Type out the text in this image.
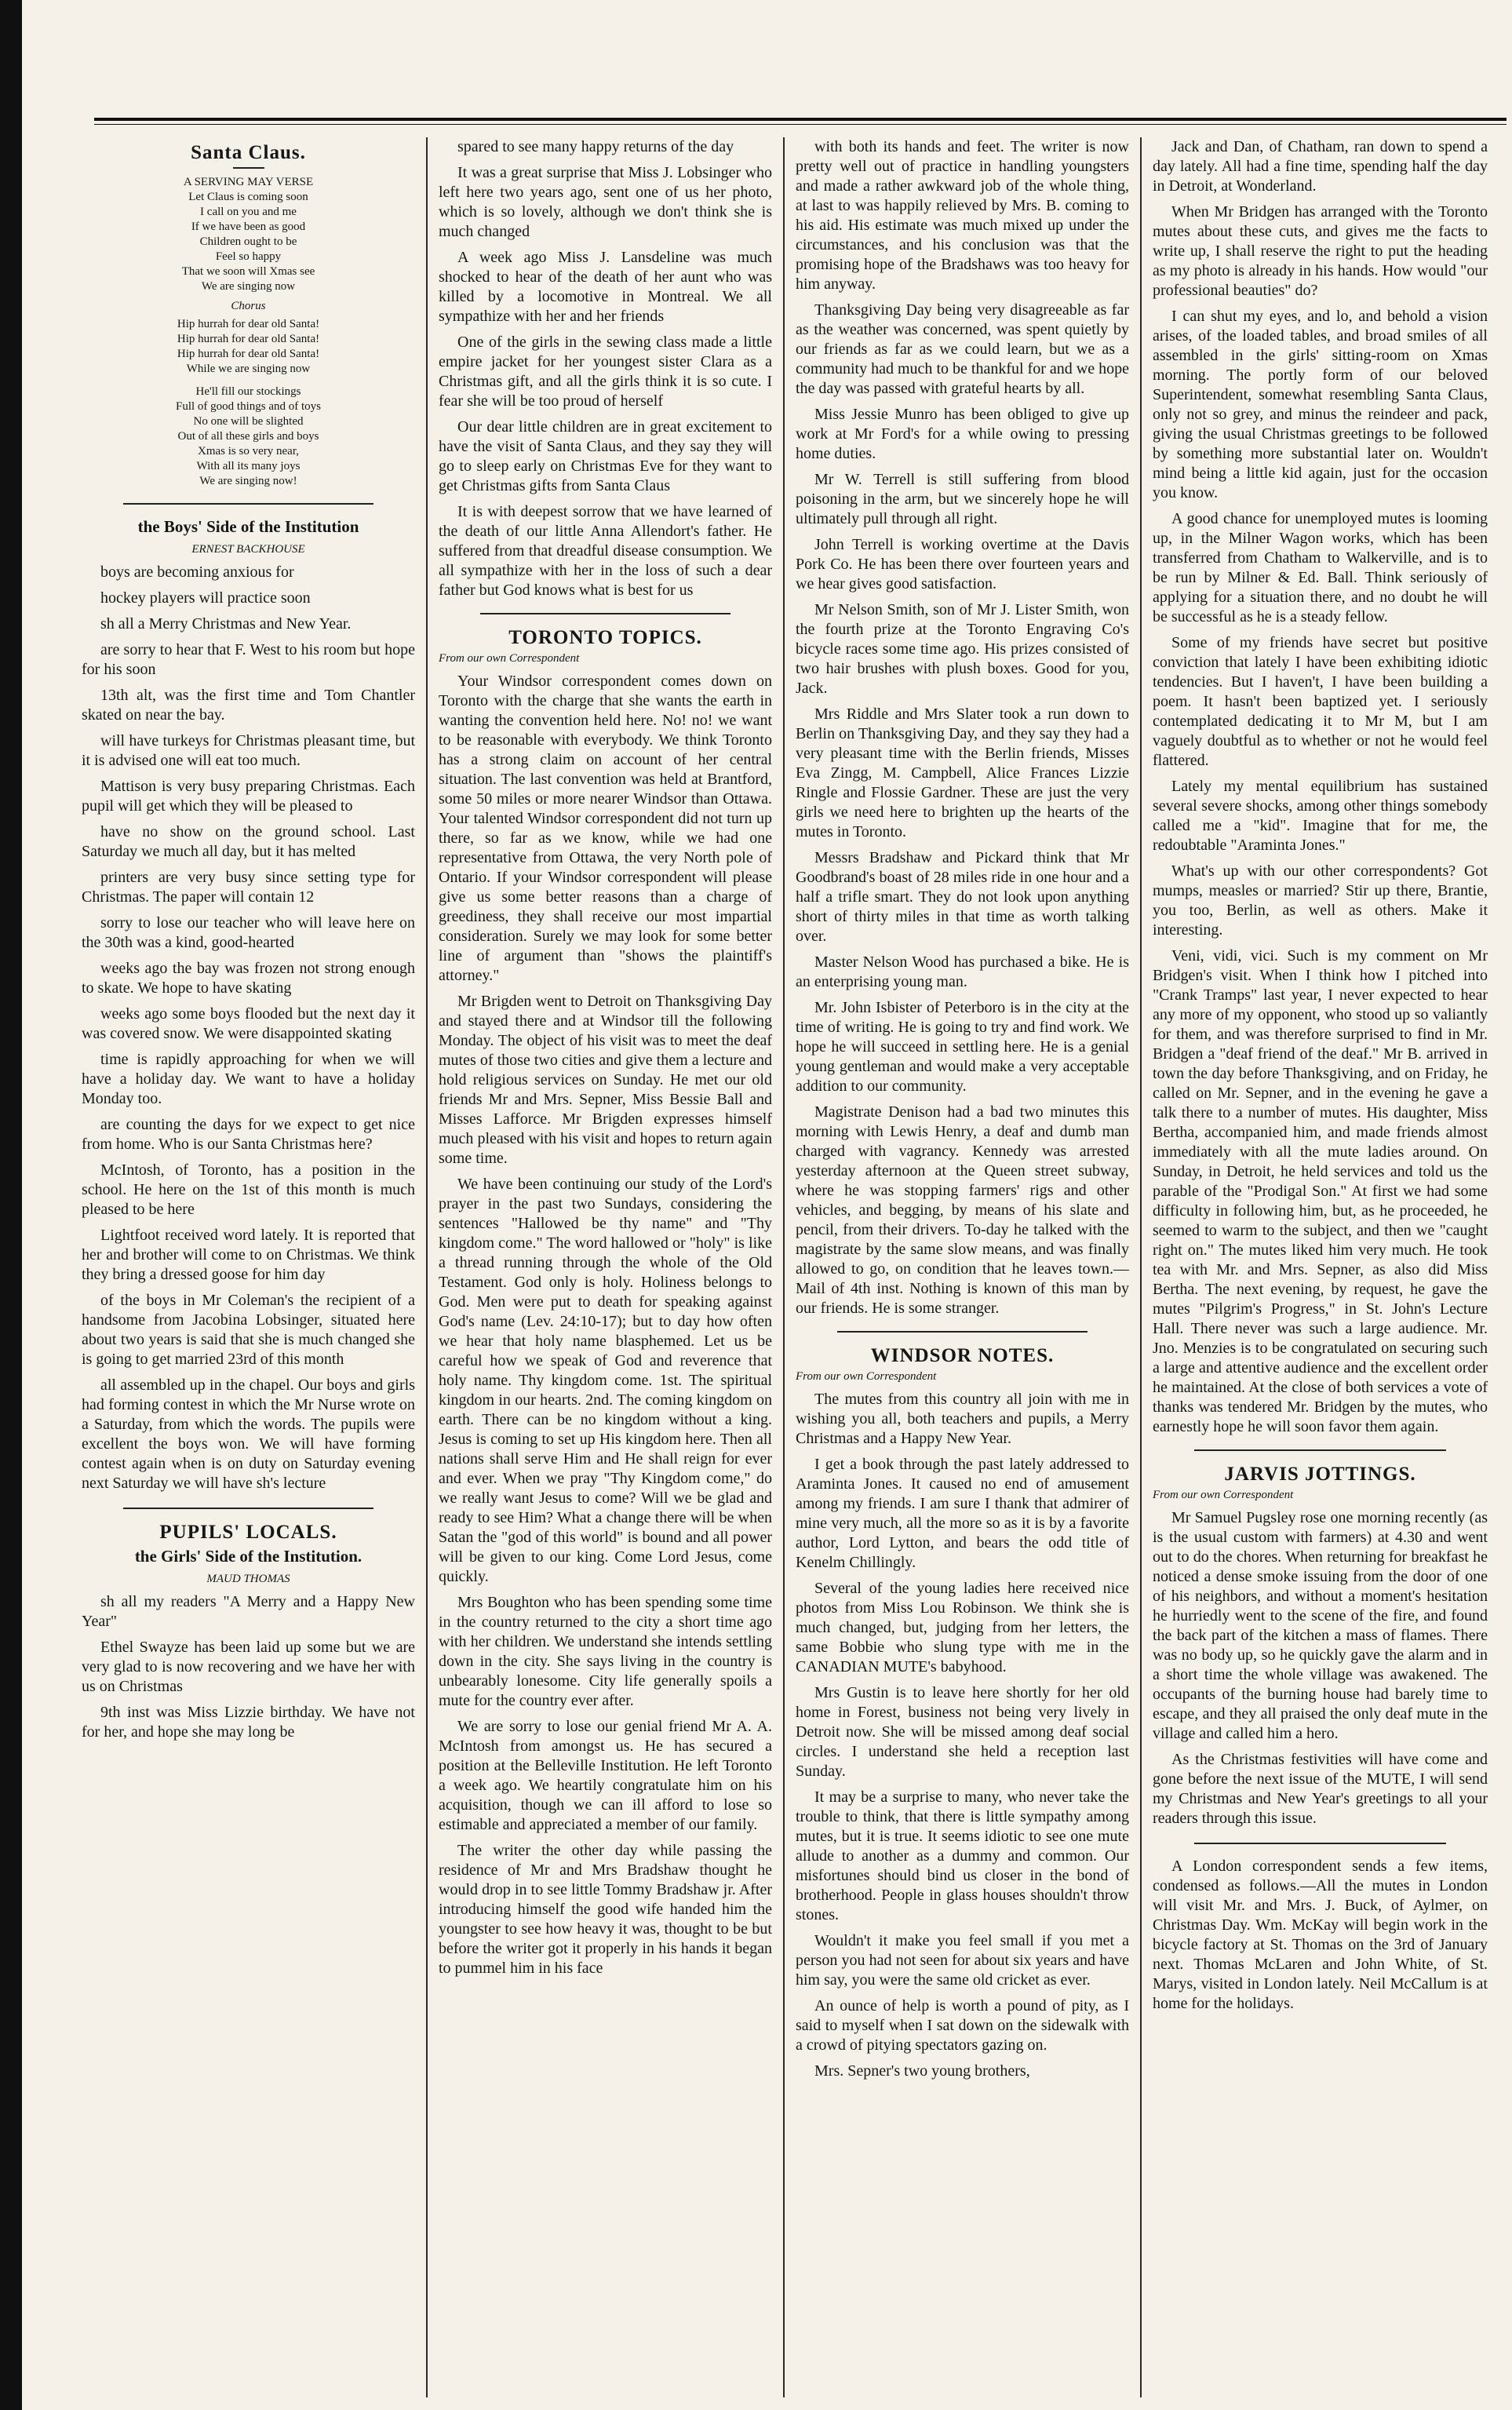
Santa Claus.

A SERVING MAY VERSE

Let Claus is coming soon

I call on you and me

If we have been as good

Children ought to be

Feel so happy

That we soon will Xmas see

We are singing now

Chorus

Hip hurrah for dear old Santa!

Hip hurrah for dear old Santa!

Hip hurrah for dear old Santa!

While we are singing now

He'll fill our stockings

Full of good things and of toys

No one will be slighted

Out of all these girls and boys

Xmas is so very near,

With all its many joys

We are singing now!

the Boys' Side of the Institution
ERNEST BACKHOUSE

boys are becoming anxious for

hockey players will practice soon

sh all a Merry Christmas and New Year.

are sorry to hear that F. West to his room but hope for his soon

13th alt, was the first time and Tom Chantler skated on near the bay.

will have turkeys for Christmas pleasant time, but it is advised one will eat too much.

Mattison is very busy preparing Christmas. Each pupil will get which they will be pleased to

have no show on the ground school. Last Saturday we much all day, but it has melted

printers are very busy since setting type for Christmas. The paper will contain 12

sorry to lose our teacher who will leave here on the 30th was a kind, good-hearted

weeks ago the bay was frozen not strong enough to skate. We hope to have skating

weeks ago some boys flooded but the next day it was covered snow. We were disappointed skating

time is rapidly approaching for when we will have a holiday day. We want to have a holiday Monday too.

are counting the days for we expect to get nice from home. Who is our Santa Christmas here?

McIntosh, of Toronto, has a position in the school. He here on the 1st of this month is much pleased to be here

Lightfoot received word lately. It is reported that her and brother will come to on Christmas. We think they bring a dressed goose for him day

of the boys in Mr Coleman's the recipient of a handsome from Jacobina Lobsinger, situated here about two years is said that she is much changed she is going to get married 23rd of this month

all assembled up in the chapel. Our boys and girls had forming contest in which the Mr Nurse wrote on a Saturday, from which the words. The pupils were excellent the boys won. We will have forming contest again when is on duty on Saturday evening next Saturday we will have sh's lecture

PUPILS' LOCALS.
the Girls' Side of the Institution.
MAUD THOMAS

sh all my readers "A Merry and a Happy New Year"

Ethel Swayze has been laid up some but we are very glad to is now recovering and we have her with us on Christmas

9th inst was Miss Lizzie birthday. We have not for her, and hope she may long be

spared to see many happy returns of the day

It was a great surprise that Miss J. Lobsinger who left here two years ago, sent one of us her photo, which is so lovely, although we don't think she is much changed

A week ago Miss J. Lansdeline was much shocked to hear of the death of her aunt who was killed by a locomotive in Montreal. We all sympathize with her and her friends

One of the girls in the sewing class made a little empire jacket for her youngest sister Clara as a Christmas gift, and all the girls think it is so cute. I fear she will be too proud of herself

Our dear little children are in great excitement to have the visit of Santa Claus, and they say they will go to sleep early on Christmas Eve for they want to get Christmas gifts from Santa Claus

It is with deepest sorrow that we have learned of the death of our little Anna Allendort's father. He suffered from that dreadful disease consumption. We all sympathize with her in the loss of such a dear father but God knows what is best for us

TORONTO TOPICS.
From our own Correspondent

Your Windsor correspondent comes down on Toronto with the charge that she wants the earth in wanting the convention held here. No! no! we want to be reasonable with everybody. We think Toronto has a strong claim on account of her central situation. The last convention was held at Brantford, some 50 miles or more nearer Windsor than Ottawa. Your talented Windsor correspondent did not turn up there, so far as we know, while we had one representative from Ottawa, the very North pole of Ontario. If your Windsor correspondent will please give us some better reasons than a charge of greediness, they shall receive our most impartial consideration. Surely we may look for some better line of argument than "shows the plaintiff's attorney."

Mr Brigden went to Detroit on Thanksgiving Day and stayed there and at Windsor till the following Monday. The object of his visit was to meet the deaf mutes of those two cities and give them a lecture and hold religious services on Sunday. He met our old friends Mr and Mrs. Sepner, Miss Bessie Ball and Misses Lafforce. Mr Brigden expresses himself much pleased with his visit and hopes to return again some time.

We have been continuing our study of the Lord's prayer in the past two Sundays, considering the sentences "Hallowed be thy name" and "Thy kingdom come." The word hallowed or "holy" is like a thread running through the whole of the Old Testament. God only is holy. Holiness belongs to God. Men were put to death for speaking against God's name (Lev. 24:10-17); but to day how often we hear that holy name blasphemed. Let us be careful how we speak of God and reverence that holy name. Thy kingdom come. 1st. The spiritual kingdom in our hearts. 2nd. The coming kingdom on earth. There can be no kingdom without a king. Jesus is coming to set up His kingdom here. Then all nations shall serve Him and He shall reign for ever and ever. When we pray "Thy Kingdom come," do we really want Jesus to come? Will we be glad and ready to see Him? What a change there will be when Satan the "god of this world" is bound and all power will be given to our king. Come Lord Jesus, come quickly.

Mrs Boughton who has been spending some time in the country returned to the city a short time ago with her children. We understand she intends settling down in the city. She says living in the country is unbearably lonesome. City life generally spoils a mute for the country ever after.

We are sorry to lose our genial friend Mr A. A. McIntosh from amongst us. He has secured a position at the Belleville Institution. He left Toronto a week ago. We heartily congratulate him on his acquisition, though we can ill afford to lose so estimable and appreciated a member of our family.

The writer the other day while passing the residence of Mr and Mrs Bradshaw thought he would drop in to see little Tommy Bradshaw jr. After introducing himself the good wife handed him the youngster to see how heavy it was, thought to be but before the writer got it properly in his hands it began to pummel him in his face

with both its hands and feet. The writer is now pretty well out of practice in handling youngsters and made a rather awkward job of the whole thing, at last to was happily relieved by Mrs. B. coming to his aid. His estimate was much mixed up under the circumstances, and his conclusion was that the promising hope of the Bradshaws was too heavy for him anyway.

Thanksgiving Day being very disagreeable as far as the weather was concerned, was spent quietly by our friends as far as we could learn, but we as a community had much to be thankful for and we hope the day was passed with grateful hearts by all.

Miss Jessie Munro has been obliged to give up work at Mr Ford's for a while owing to pressing home duties.

Mr W. Terrell is still suffering from blood poisoning in the arm, but we sincerely hope he will ultimately pull through all right.

John Terrell is working overtime at the Davis Pork Co. He has been there over fourteen years and we hear gives good satisfaction.

Mr Nelson Smith, son of Mr J. Lister Smith, won the fourth prize at the Toronto Engraving Co's bicycle races some time ago. His prizes consisted of two hair brushes with plush boxes. Good for you, Jack.

Mrs Riddle and Mrs Slater took a run down to Berlin on Thanksgiving Day, and they say they had a very pleasant time with the Berlin friends, Misses Eva Zingg, M. Campbell, Alice Frances Lizzie Ringle and Flossie Gardner. These are just the very girls we need here to brighten up the hearts of the mutes in Toronto.

Messrs Bradshaw and Pickard think that Mr Goodbrand's boast of 28 miles ride in one hour and a half a trifle smart. They do not look upon anything short of thirty miles in that time as worth talking over.

Master Nelson Wood has purchased a bike. He is an enterprising young man.

Mr. John Isbister of Peterboro is in the city at the time of writing. He is going to try and find work. We hope he will succeed in settling here. He is a genial young gentleman and would make a very acceptable addition to our community.

Magistrate Denison had a bad two minutes this morning with Lewis Henry, a deaf and dumb man charged with vagrancy. Kennedy was arrested yesterday afternoon at the Queen street subway, where he was stopping farmers' rigs and other vehicles, and begging, by means of his slate and pencil, from their drivers. To-day he talked with the magistrate by the same slow means, and was finally allowed to go, on condition that he leaves town.—Mail of 4th inst. Nothing is known of this man by our friends. He is some stranger.

WINDSOR NOTES.
From our own Correspondent

The mutes from this country all join with me in wishing you all, both teachers and pupils, a Merry Christmas and a Happy New Year.

I get a book through the past lately addressed to Araminta Jones. It caused no end of amusement among my friends. I am sure I thank that admirer of mine very much, all the more so as it is by a favorite author, Lord Lytton, and bears the odd title of Kenelm Chillingly.

Several of the young ladies here received nice photos from Miss Lou Robinson. We think she is much changed, but, judging from her letters, the same Bobbie who slung type with me in the CANADIAN MUTE's babyhood.

Mrs Gustin is to leave here shortly for her old home in Forest, business not being very lively in Detroit now. She will be missed among deaf social circles. I understand she held a reception last Sunday.

It may be a surprise to many, who never take the trouble to think, that there is little sympathy among mutes, but it is true. It seems idiotic to see one mute allude to another as a dummy and common. Our misfortunes should bind us closer in the bond of brotherhood. People in glass houses shouldn't throw stones.

Wouldn't it make you feel small if you met a person you had not seen for about six years and have him say, you were the same old cricket as ever.

An ounce of help is worth a pound of pity, as I said to myself when I sat down on the sidewalk with a crowd of pitying spectators gazing on.

Mrs. Sepner's two young brothers,

Jack and Dan, of Chatham, ran down to spend a day lately. All had a fine time, spending half the day in Detroit, at Wonderland.

When Mr Bridgen has arranged with the Toronto mutes about these cuts, and gives me the facts to write up, I shall reserve the right to put the heading as my photo is already in his hands. How would "our professional beauties" do?

I can shut my eyes, and lo, and behold a vision arises, of the loaded tables, and broad smiles of all assembled in the girls' sitting-room on Xmas morning. The portly form of our beloved Superintendent, somewhat resembling Santa Claus, only not so grey, and minus the reindeer and pack, giving the usual Christmas greetings to be followed by something more substantial later on. Wouldn't mind being a little kid again, just for the occasion you know.

A good chance for unemployed mutes is looming up, in the Milner Wagon works, which has been transferred from Chatham to Walkerville, and is to be run by Milner & Ed. Ball. Think seriously of applying for a situation there, and no doubt he will be successful as he is a steady fellow.

Some of my friends have secret but positive conviction that lately I have been exhibiting idiotic tendencies. But I haven't, I have been building a poem. It hasn't been baptized yet. I seriously contemplated dedicating it to Mr M, but I am vaguely doubtful as to whether or not he would feel flattered.

Lately my mental equilibrium has sustained several severe shocks, among other things somebody called me a "kid". Imagine that for me, the redoubtable "Araminta Jones."

What's up with our other correspondents? Got mumps, measles or married? Stir up there, Brantie, you too, Berlin, as well as others. Make it interesting.

Veni, vidi, vici. Such is my comment on Mr Bridgen's visit. When I think how I pitched into "Crank Tramps" last year, I never expected to hear any more of my opponent, who stood up so valiantly for them, and was therefore surprised to find in Mr. Bridgen a "deaf friend of the deaf." Mr B. arrived in town the day before Thanksgiving, and on Friday, he called on Mr. Sepner, and in the evening he gave a talk there to a number of mutes. His daughter, Miss Bertha, accompanied him, and made friends almost immediately with all the mute ladies around. On Sunday, in Detroit, he held services and told us the parable of the "Prodigal Son." At first we had some difficulty in following him, but, as he proceeded, he seemed to warm to the subject, and then we "caught right on." The mutes liked him very much. He took tea with Mr. and Mrs. Sepner, as also did Miss Bertha. The next evening, by request, he gave the mutes "Pilgrim's Progress," in St. John's Lecture Hall. There never was such a large audience. Mr. Jno. Menzies is to be congratulated on securing such a large and attentive audience and the excellent order he maintained. At the close of both services a vote of thanks was tendered Mr. Bridgen by the mutes, who earnestly hope he will soon favor them again.

JARVIS JOTTINGS.
From our own Correspondent

Mr Samuel Pugsley rose one morning recently (as is the usual custom with farmers) at 4.30 and went out to do the chores. When returning for breakfast he noticed a dense smoke issuing from the door of one of his neighbors, and without a moment's hesitation he hurriedly went to the scene of the fire, and found the back part of the kitchen a mass of flames. There was no body up, so he quickly gave the alarm and in a short time the whole village was awakened. The occupants of the burning house had barely time to escape, and they all praised the only deaf mute in the village and called him a hero.

As the Christmas festivities will have come and gone before the next issue of the MUTE, I will send my Christmas and New Year's greetings to all your readers through this issue.

A London correspondent sends a few items, condensed as follows.—All the mutes in London will visit Mr. and Mrs. J. Buck, of Aylmer, on Christmas Day. Wm. McKay will begin work in the bicycle factory at St. Thomas on the 3rd of January next. Thomas McLaren and John White, of St. Marys, visited in London lately. Neil McCallum is at home for the holidays.
